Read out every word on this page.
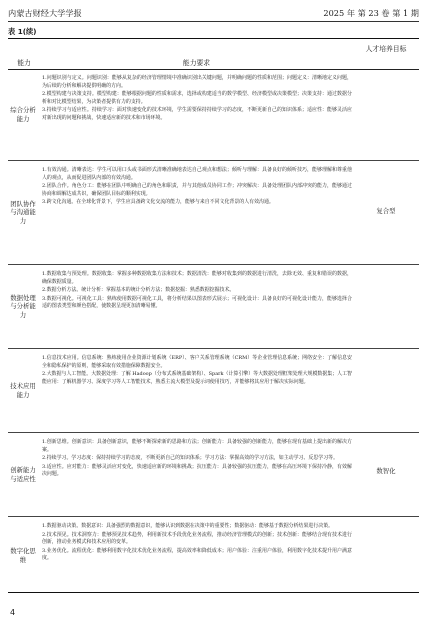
内蒙古财经大学学报	2025 年 第 23 卷 第 1 期
表 1(续)
能力	能力要求
人才培养目标
综合分析能力
1.问题识别与定义。问题识别：能够从复杂的经济管理情境中准确识别出关键问题，并明确问题的性质和范围；问题定义：清晰地定义问题，为后续的分析和解决提供明确的方向。
2.模型构建与决策支持。模型构建：能够根据问题的性质和需求，选择或构建适当的数学模型、经济模型或决策模型；决策支持：通过数据分析和对比模型结果，为决策者提供有力的支持。
3.持续学习与适应性。持续学习：面对快速变化的技术环境，学生需要保持持续学习的态度，不断更新自己的知识体系；适应性：能够灵活应对新出现的问题和挑战，快速适应新的技术和市场环境。
团队协作与沟通能力
1.有效沟通。清晰表达：学生可以用口头或书面形式清晰准确地表达自己观点和想法；倾听与理解：具备良好的倾听技巧，能够理解和尊重他人的观点，从而促进团队内部的有效沟通。
2.团队合作。角色分工：能够在团队中明确自己的角色和职责，并与其他成员协同工作；冲突解决：具备处理团队内部冲突的能力，能够通过协商和调解达成共识，确保团队目标的顺利实现。
3.跨文化沟通。在全球化背景下，学生应具备跨文化交流的能力，能够与来自不同文化背景的人有效沟通。
数据处理与分析能力
1.数据收集与预处理。数据收集：掌握多种数据收集方法和技术；数据清洗：能够对收集到的数据进行清洗，去除无效、重复和错误的数据，确保数据质量。
2.数据分析方法。统计分析：掌握基本的统计分析方法；数据挖掘：熟悉数据挖掘技术。
3.数据可视化。可视化工具：熟练使用数据可视化工具，将分析结果以图表形式展示；可视化设计：具备良好的可视化设计能力，能够选择合适的图表类型和颜色搭配，使数据呈现更加清晰易懂。
技术应用能力
1.信息技术应用。信息系统：熟练使用企业资源计划系统（ERP）、客户关系管理系统（CRM）等企业管理信息系统；网络安全：了解信息安全和隐私保护的原则，能够采取有效措施保障数据安全。
2.大数据与人工智能。大数据处理：了解 Hadoop（分布式系统基础架构）、Spark（计算引擎）等大数据处理框架处理大规模数据集；人工智能应用：了解机器学习、深度学习等人工智能技术，熟悉主流大模型及提示词使用技巧，并能够将其应用于解决实际问题。
创新能力与适应性
1.创新思维。创新意识：具备创新意识，能够不断探索新的思路和方法；创新能力：具备较强的创新能力，能够在现有基础上提出新的解决方案。
2.持续学习。学习态度：保持持续学习的态度，不断更新自己的知识体系；学习方法：掌握高效的学习方法，如主动学习、反思学习等。
3.适应性。应对能力：能够灵活应对变化，快速适应新的环境和挑战；抗压能力：具备较强的抗压能力，能够在高压环境下保持冷静，有效解决问题。
数字化思维
1.数据驱动决策。数据意识：具备强烈的数据意识，能够认识到数据在决策中的重要性；数据驱动：能够基于数据分析结果进行决策。
2.技术预见。技术洞察力：能够预见技术趋势，利用新技术手段优化业务流程，推动经济管理模式的创新；技术创新：能够结合现有技术进行创新，推动业务模式和技术应用的变革。
3.业务优化。流程优化：能够利用数字化技术优化业务流程，提高效率和降低成本；用户体验：注重用户体验，利用数字化技术提升用户满意度。
复合型
数智化
4
